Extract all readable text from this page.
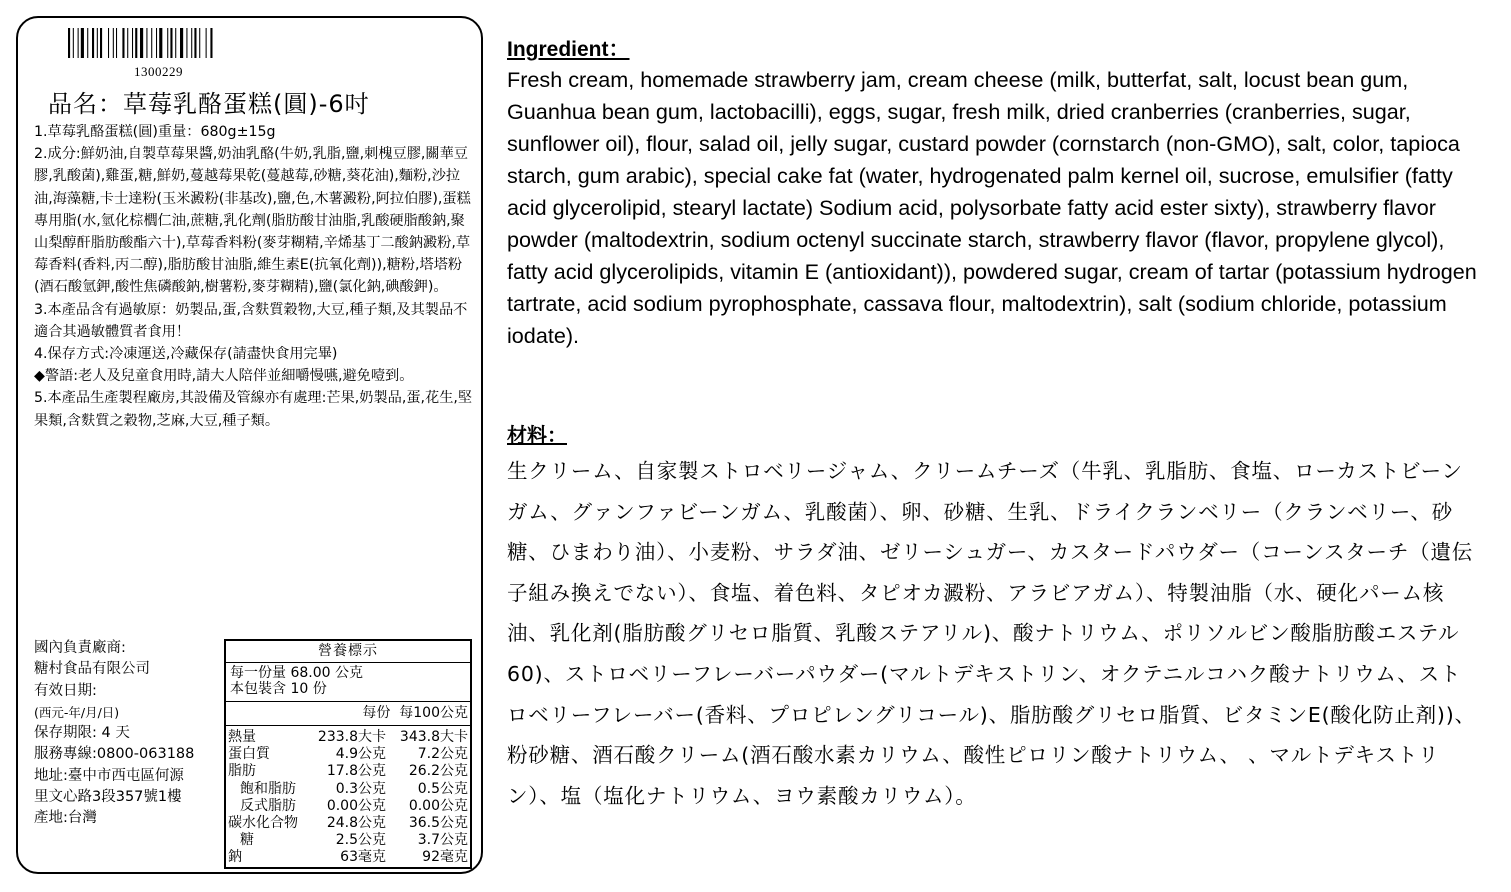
1300229
品名：草莓乳酪蛋糕(圓)-6吋

1.草莓乳酪蛋糕(圓)重量：680g±15g

2.成分:鮮奶油,自製草莓果醬,奶油乳酪(牛奶,乳脂,鹽,刺槐豆膠,關華豆膠,乳酸菌),雞蛋,糖,鮮奶,蔓越莓果乾(蔓越莓,砂糖,葵花油),麵粉,沙拉油,海藻糖,卡士達粉(玉米澱粉(非基改),鹽,色,木薯澱粉,阿拉伯膠),蛋糕專用脂(水,氫化棕櫚仁油,蔗糖,乳化劑(脂肪酸甘油脂,乳酸硬脂酸鈉,聚山梨醇酐脂肪酸酯六十),草莓香料粉(麥芽糊精,辛烯基丁二酸鈉澱粉,草莓香料(香料,丙二醇),脂肪酸甘油脂,維生素E(抗氧化劑)),糖粉,塔塔粉(酒石酸氫鉀,酸性焦磷酸鈉,樹薯粉,麥芽糊精),鹽(氯化鈉,碘酸鉀)。

3.本產品含有過敏原：奶製品,蛋,含麩質穀物,大豆,種子類,及其製品不適合其過敏體質者食用！

4.保存方式:冷凍運送,冷藏保存(請盡快食用完畢)

◆警語:老人及兒童食用時,請大人陪伴並細嚼慢嚥,避免噎到。

5.本產品生產製程廠房,其設備及管線亦有處理:芒果,奶製品,蛋,花生,堅果類,含麩質之穀物,芝麻,大豆,種子類。

國內負責廠商:

糖村食品有限公司

有效日期:

(西元-年/月/日)

保存期限: 4 天

服務專線:0800-063188

地址:臺中市西屯區何源

里文心路3段357號1樓

產地:台灣

營養標示
每一份量 68.00 公克
本包裝含 10 份
每份 每100公克
熱量	233.8大卡 343.8大卡
蛋白質	4.9公克	7.2公克
脂肪	17.8公克	26.2公克
飽和脂肪	0.3公克	0.5公克
反式脂肪	0.00公克	0.00公克
碳水化合物	24.8公克	36.5公克
糖	2.5公克	3.7公克
鈉	63毫克	92毫克
Ingredient：
Fresh cream, homemade strawberry jam, cream cheese (milk, butterfat, salt, locust bean gum, Guanhua bean gum, lactobacilli), eggs, sugar, fresh milk, dried cranberries (cranberries, sugar, sunflower oil), flour, salad oil, jelly sugar, custard powder (cornstarch (non-GMO), salt, color, tapioca starch, gum arabic), special cake fat (water, hydrogenated palm kernel oil, sucrose, emulsifier (fatty acid glycerolipid, stearyl lactate) Sodium acid, polysorbate fatty acid ester sixty), strawberry flavor powder (maltodextrin, sodium octenyl succinate starch, strawberry flavor (flavor, propylene glycol), fatty acid glycerolipids, vitamin E (antioxidant)), powdered sugar, cream of tartar (potassium hydrogen tartrate, acid sodium pyrophosphate, cassava flour, maltodextrin), salt (sodium chloride, potassium iodate).
材料：
生クリーム、自家製ストロベリージャム、クリームチーズ（牛乳、乳脂肪、食塩、ローカストビーンガム、グァンファビーンガム、乳酸菌）、卵、砂糖、生乳、ドライクランベリー（クランベリー、砂糖、ひまわり油）、小麦粉、サラダ油、ゼリーシュガー、カスタードパウダー（コーンスターチ（遺伝子組み換えでない）、食塩、着色料、タピオカ澱粉、アラビアガム）、特製油脂（水、硬化パーム核油、乳化剤(脂肪酸グリセロ脂質、乳酸ステアリル)、酸ナトリウム、ポリソルビン酸脂肪酸エステル60)、ストロベリーフレーバーパウダー(マルトデキストリン、オクテニルコハク酸ナトリウム、ストロベリーフレーバー(香料、プロピレングリコール)、脂肪酸グリセロ脂質、ビタミンE(酸化防止剤))、粉砂糖、酒石酸クリーム(酒石酸水素カリウム、酸性ピロリン酸ナトリウム、 、マルトデキストリン）、塩（塩化ナトリウム、ヨウ素酸カリウム）。
